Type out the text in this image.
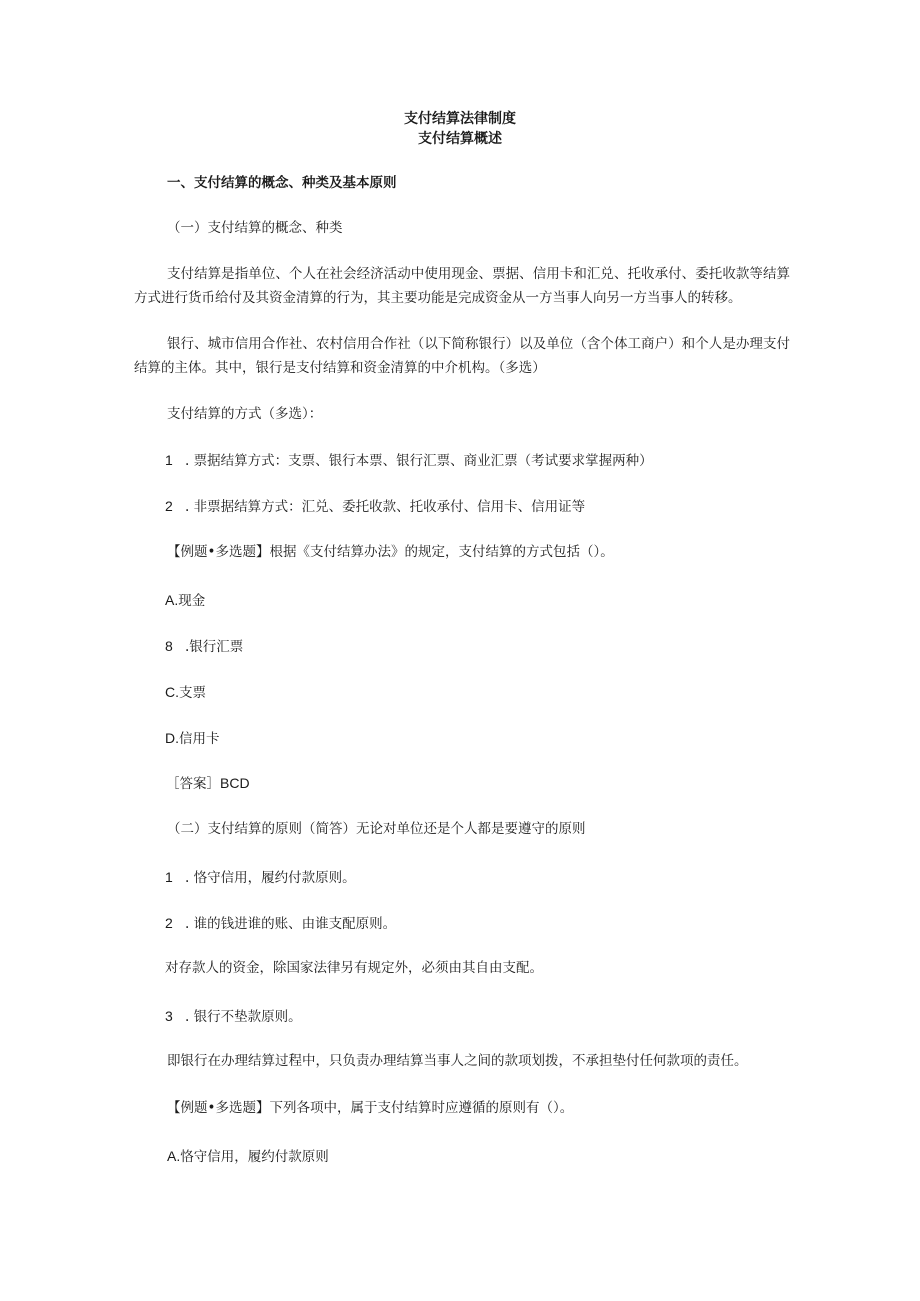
支付结算法律制度
支付结算概述
一、支付结算的概念、种类及基本原则
（一）支付结算的概念、种类
支付结算是指单位、个人在社会经济活动中使用现金、票据、信用卡和汇兑、托收承付、委托收款等结算方式进行货币给付及其资金清算的行为，其主要功能是完成资金从一方当事人向另一方当事人的转移。
银行、城市信用合作社、农村信用合作社（以下简称银行）以及单位（含个体工商户）和个人是办理支付结算的主体。其中，银行是支付结算和资金清算的中介机构。（多选）
支付结算的方式（多选）：
1 . 票据结算方式：支票、银行本票、银行汇票、商业汇票（考试要求掌握两种）
2 . 非票据结算方式：汇兑、委托收款、托收承付、信用卡、信用证等
【例题•多选题】根据《支付结算办法》的规定，支付结算的方式包括（）。
A.现金
8 .银行汇票
C.支票
D.信用卡
［答案］BCD
（二）支付结算的原则（简答）无论对单位还是个人都是要遵守的原则
1 . 恪守信用，履约付款原则。
2 . 谁的钱进谁的账、由谁支配原则。
对存款人的资金，除国家法律另有规定外，必须由其自由支配。
3 . 银行不垫款原则。
即银行在办理结算过程中，只负责办理结算当事人之间的款项划拨，不承担垫付任何款项的责任。
【例题•多选题】下列各项中，属于支付结算时应遵循的原则有（）。
A.恪守信用，履约付款原则
